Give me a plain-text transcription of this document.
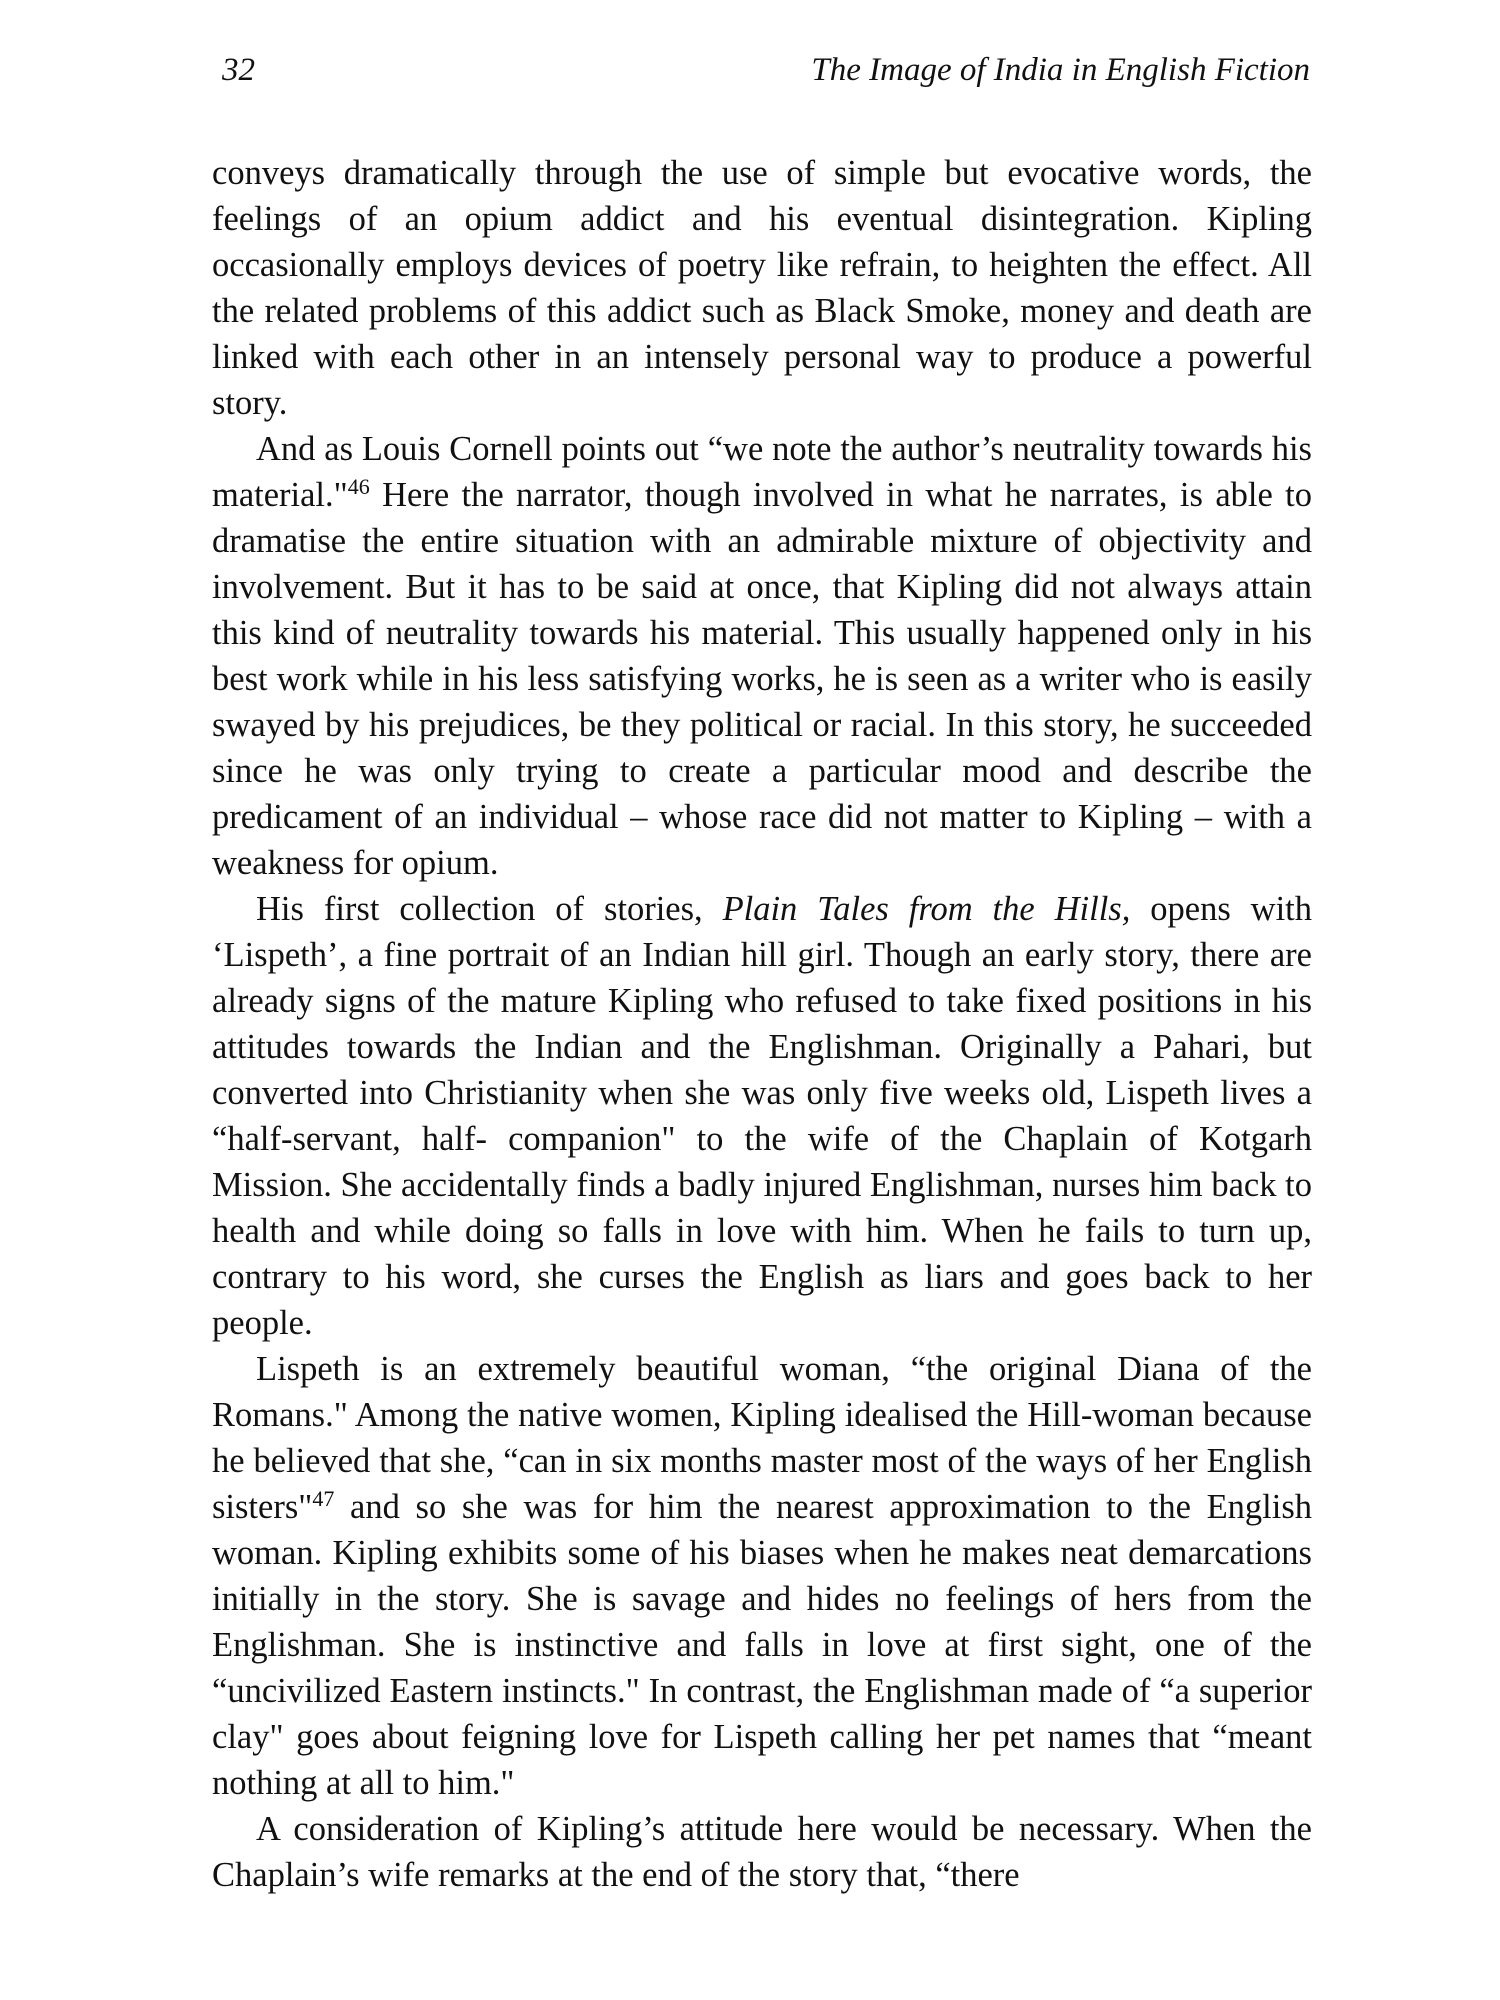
32	The Image of India in English Fiction

conveys dramatically through the use of simple but evocative words, the feelings of an opium addict and his eventual disintegration. Kipling occasionally employs devices of poetry like refrain, to heighten the effect. All the related problems of this addict such as Black Smoke, money and death are linked with each other in an intensely personal way to produce a powerful story.

And as Louis Cornell points out “we note the author’s neutrality towards his material."$^{46}$ Here the narrator, though involved in what he narrates, is able to dramatise the entire situation with an admirable mixture of objectivity and involvement. But it has to be said at once, that Kipling did not always attain this kind of neutrality towards his material. This usually happened only in his best work while in his less satisfying works, he is seen as a writer who is easily swayed by his prejudices, be they political or racial. In this story, he succeeded since he was only trying to create a particular mood and describe the predicament of an individual – whose race did not matter to Kipling – with a weakness for opium.

His first collection of stories, Plain Tales from the Hills, opens with ‘Lispeth’, a fine portrait of an Indian hill girl. Though an early story, there are already signs of the mature Kipling who refused to take fixed positions in his attitudes towards the Indian and the Englishman. Originally a Pahari, but converted into Christianity when she was only five weeks old, Lispeth lives a “half-servant, half- companion" to the wife of the Chaplain of Kotgarh Mission. She accidentally finds a badly injured Englishman, nurses him back to health and while doing so falls in love with him. When he fails to turn up, contrary to his word, she curses the English as liars and goes back to her people.

Lispeth is an extremely beautiful woman, “the original Diana of the Romans." Among the native women, Kipling idealised the Hill-woman because he believed that she, “can in six months master most of the ways of her English sisters"$^{47}$ and so she was for him the nearest approximation to the English woman. Kipling exhibits some of his biases when he makes neat demarcations initially in the story. She is savage and hides no feelings of hers from the Englishman. She is instinctive and falls in love at first sight, one of the “uncivilized Eastern instincts." In contrast, the Englishman made of “a superior clay" goes about feigning love for Lispeth calling her pet names that “meant nothing at all to him."

A consideration of Kipling’s attitude here would be necessary. When the Chaplain’s wife remarks at the end of the story that, “there
